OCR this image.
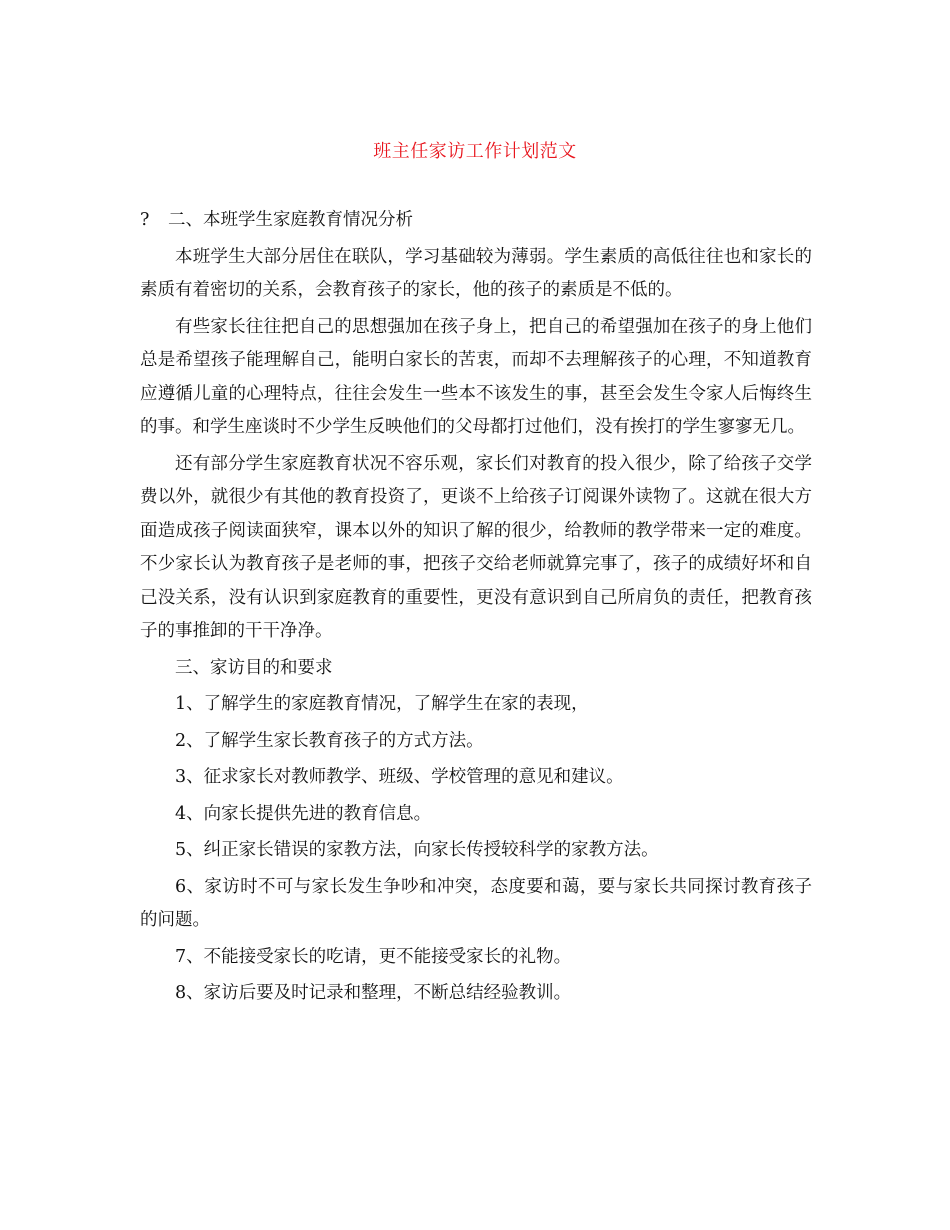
班主任家访工作计划范文

? 二、本班学生家庭教育情况分析

本班学生大部分居住在联队，学习基础较为薄弱。学生素质的高低往往也和家长的素质有着密切的关系，会教育孩子的家长，他的孩子的素质是不低的。

有些家长往往把自己的思想强加在孩子身上，把自己的希望强加在孩子的身上他们总是希望孩子能理解自己，能明白家长的苦衷，而却不去理解孩子的心理，不知道教育应遵循儿童的心理特点，往往会发生一些本不该发生的事，甚至会发生令家人后悔终生的事。和学生座谈时不少学生反映他们的父母都打过他们，没有挨打的学生寥寥无几。

还有部分学生家庭教育状况不容乐观，家长们对教育的投入很少，除了给孩子交学费以外，就很少有其他的教育投资了，更谈不上给孩子订阅课外读物了。这就在很大方面造成孩子阅读面狭窄，课本以外的知识了解的很少，给教师的教学带来一定的难度。不少家长认为教育孩子是老师的事，把孩子交给老师就算完事了，孩子的成绩好坏和自己没关系，没有认识到家庭教育的重要性，更没有意识到自己所肩负的责任，把教育孩子的事推卸的干干净净。

三、家访目的和要求

1、了解学生的家庭教育情况，了解学生在家的表现，

2、了解学生家长教育孩子的方式方法。

3、征求家长对教师教学、班级、学校管理的意见和建议。

4、向家长提供先进的教育信息。

5、纠正家长错误的家教方法，向家长传授较科学的家教方法。

6、家访时不可与家长发生争吵和冲突，态度要和蔼，要与家长共同探讨教育孩子的问题。

7、不能接受家长的吃请，更不能接受家长的礼物。

8、家访后要及时记录和整理，不断总结经验教训。
